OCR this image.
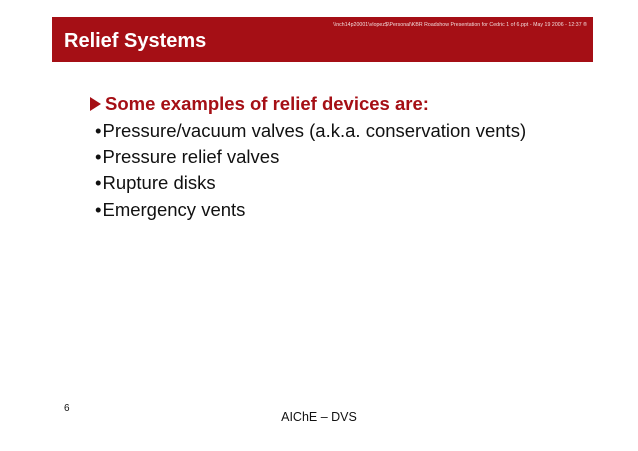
\\nch14p20001\vlopez$\Personal\KBR Roadshow Presentation for Cedric 1 of 6.ppt - May 19 2006 - 12:37 ®
Relief Systems
Some examples of relief devices are:
•Pressure/vacuum valves (a.k.a. conservation vents)
•Pressure relief valves
•Rupture disks
•Emergency vents
6
AIChE – DVS
